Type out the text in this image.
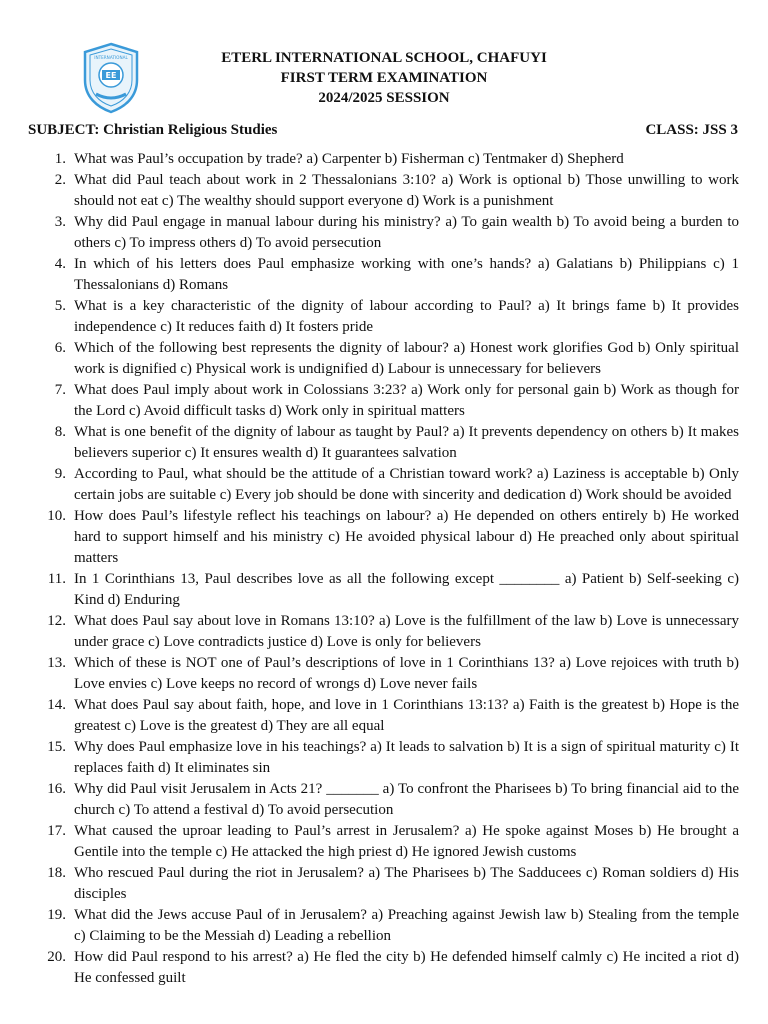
EE
INTERNATIONAL	ETERL INTERNATIONAL SCHOOL, CHAFUYI
FIRST TERM EXAMINATION
2024/2025 SESSION
SUBJECT: Christian Religious Studies	CLASS: JSS 3
1. What was Paul’s occupation by trade? a) Carpenter b) Fisherman c) Tentmaker d) Shepherd
2. What did Paul teach about work in 2 Thessalonians 3:10? a) Work is optional b) Those unwilling to work should not eat c) The wealthy should support everyone d) Work is a punishment
3. Why did Paul engage in manual labour during his ministry? a) To gain wealth b) To avoid being a burden to others c) To impress others d) To avoid persecution
4. In which of his letters does Paul emphasize working with one’s hands? a) Galatians b) Philippians c) 1 Thessalonians d) Romans
5. What is a key characteristic of the dignity of labour according to Paul? a) It brings fame b) It provides independence c) It reduces faith d) It fosters pride
6. Which of the following best represents the dignity of labour? a) Honest work glorifies God b) Only spiritual work is dignified c) Physical work is undignified d) Labour is unnecessary for believers
7. What does Paul imply about work in Colossians 3:23? a) Work only for personal gain b) Work as though for the Lord c) Avoid difficult tasks d) Work only in spiritual matters
8. What is one benefit of the dignity of labour as taught by Paul? a) It prevents dependency on others b) It makes believers superior c) It ensures wealth d) It guarantees salvation
9. According to Paul, what should be the attitude of a Christian toward work? a) Laziness is acceptable b) Only certain jobs are suitable c) Every job should be done with sincerity and dedication d) Work should be avoided
10. How does Paul’s lifestyle reflect his teachings on labour? a) He depended on others entirely b) He worked hard to support himself and his ministry c) He avoided physical labour d) He preached only about spiritual matters
11. In 1 Corinthians 13, Paul describes love as all the following except ________ a) Patient b) Self-seeking c) Kind d) Enduring
12. What does Paul say about love in Romans 13:10? a) Love is the fulfillment of the law b) Love is unnecessary under grace c) Love contradicts justice d) Love is only for believers
13. Which of these is NOT one of Paul’s descriptions of love in 1 Corinthians 13? a) Love rejoices with truth b) Love envies c) Love keeps no record of wrongs d) Love never fails
14. What does Paul say about faith, hope, and love in 1 Corinthians 13:13? a) Faith is the greatest b) Hope is the greatest c) Love is the greatest d) They are all equal
15. Why does Paul emphasize love in his teachings? a) It leads to salvation b) It is a sign of spiritual maturity c) It replaces faith d) It eliminates sin
16. Why did Paul visit Jerusalem in Acts 21? _______ a) To confront the Pharisees b) To bring financial aid to the church c) To attend a festival d) To avoid persecution
17. What caused the uproar leading to Paul’s arrest in Jerusalem? a) He spoke against Moses b) He brought a Gentile into the temple c) He attacked the high priest d) He ignored Jewish customs
18. Who rescued Paul during the riot in Jerusalem? a) The Pharisees b) The Sadducees c) Roman soldiers d) His disciples
19. What did the Jews accuse Paul of in Jerusalem? a) Preaching against Jewish law b) Stealing from the temple c) Claiming to be the Messiah d) Leading a rebellion
20. How did Paul respond to his arrest? a) He fled the city b) He defended himself calmly c) He incited a riot d) He confessed guilt
